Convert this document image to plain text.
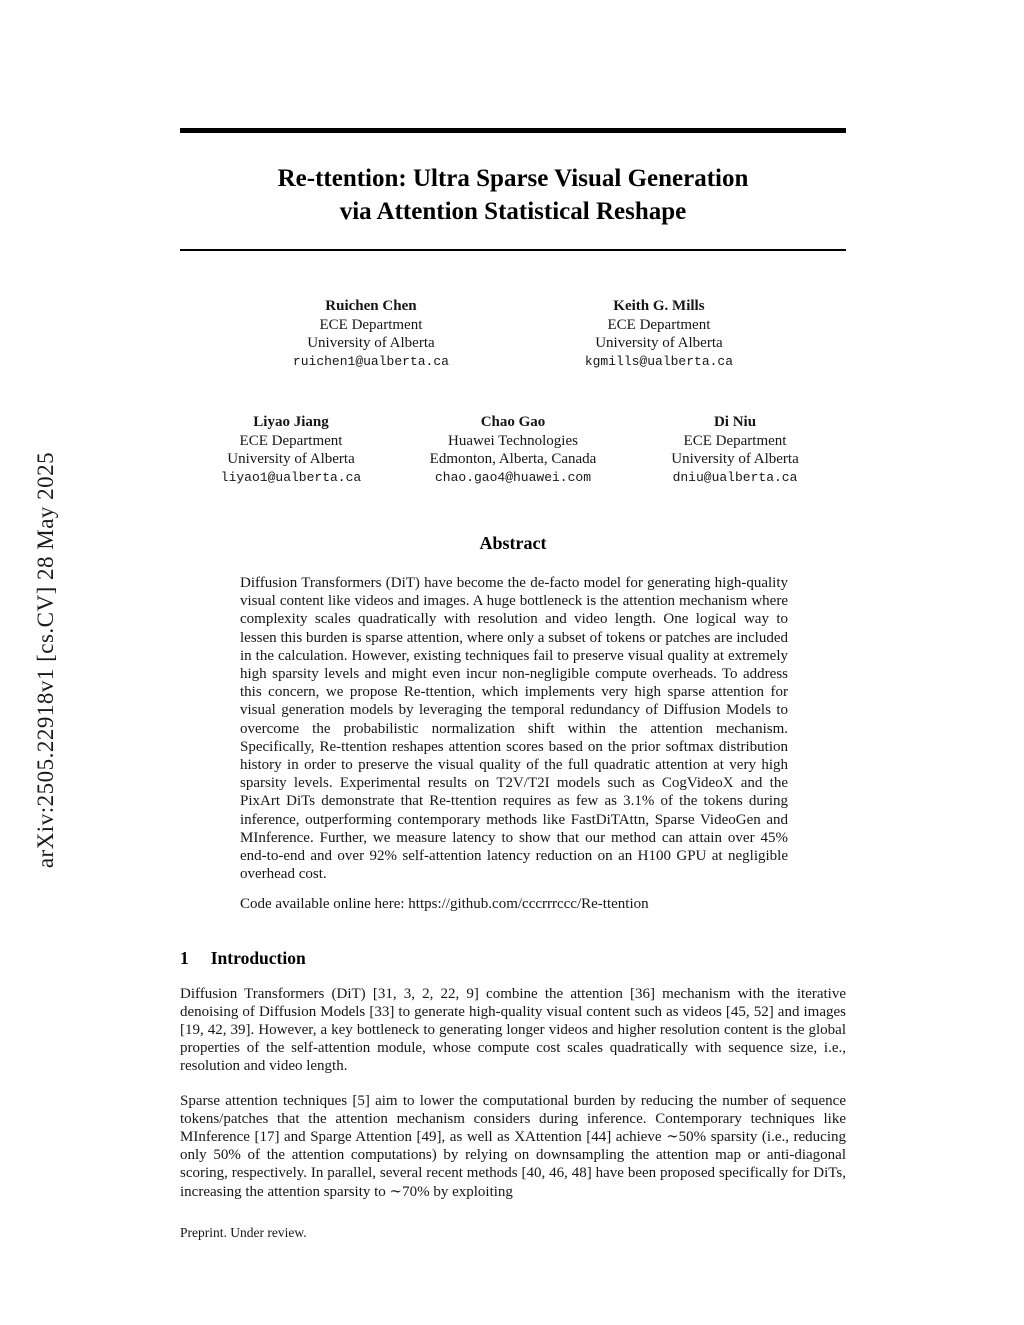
arXiv:2505.22918v1 [cs.CV] 28 May 2025
Re-ttention: Ultra Sparse Visual Generation
via Attention Statistical Reshape
Ruichen Chen
ECE Department
University of Alberta
ruichen1@ualberta.ca
Keith G. Mills
ECE Department
University of Alberta
kgmills@ualberta.ca
Liyao Jiang
ECE Department
University of Alberta
liyao1@ualberta.ca
Chao Gao
Huawei Technologies
Edmonton, Alberta, Canada
chao.gao4@huawei.com
Di Niu
ECE Department
University of Alberta
dniu@ualberta.ca
Abstract
Diffusion Transformers (DiT) have become the de-facto model for generating high-quality visual content like videos and images. A huge bottleneck is the attention mechanism where complexity scales quadratically with resolution and video length. One logical way to lessen this burden is sparse attention, where only a subset of tokens or patches are included in the calculation. However, existing techniques fail to preserve visual quality at extremely high sparsity levels and might even incur non-negligible compute overheads. To address this concern, we propose Re-ttention, which implements very high sparse attention for visual generation models by leveraging the temporal redundancy of Diffusion Models to overcome the probabilistic normalization shift within the attention mechanism. Specifically, Re-ttention reshapes attention scores based on the prior softmax distribution history in order to preserve the visual quality of the full quadratic attention at very high sparsity levels. Experimental results on T2V/T2I models such as CogVideoX and the PixArt DiTs demonstrate that Re-ttention requires as few as 3.1% of the tokens during inference, outperforming contemporary methods like FastDiTAttn, Sparse VideoGen and MInference. Further, we measure latency to show that our method can attain over 45% end-to-end and over 92% self-attention latency reduction on an H100 GPU at negligible overhead cost.
Code available online here: https://github.com/cccrrrccc/Re-ttention
1 Introduction
Diffusion Transformers (DiT) [31, 3, 2, 22, 9] combine the attention [36] mechanism with the iterative denoising of Diffusion Models [33] to generate high-quality visual content such as videos [45, 52] and images [19, 42, 39]. However, a key bottleneck to generating longer videos and higher resolution content is the global properties of the self-attention module, whose compute cost scales quadratically with sequence size, i.e., resolution and video length.
Sparse attention techniques [5] aim to lower the computational burden by reducing the number of sequence tokens/patches that the attention mechanism considers during inference. Contemporary techniques like MInference [17] and Sparge Attention [49], as well as XAttention [44] achieve ∼50% sparsity (i.e., reducing only 50% of the attention computations) by relying on downsampling the attention map or anti-diagonal scoring, respectively. In parallel, several recent methods [40, 46, 48] have been proposed specifically for DiTs, increasing the attention sparsity to ∼70% by exploiting
Preprint. Under review.
